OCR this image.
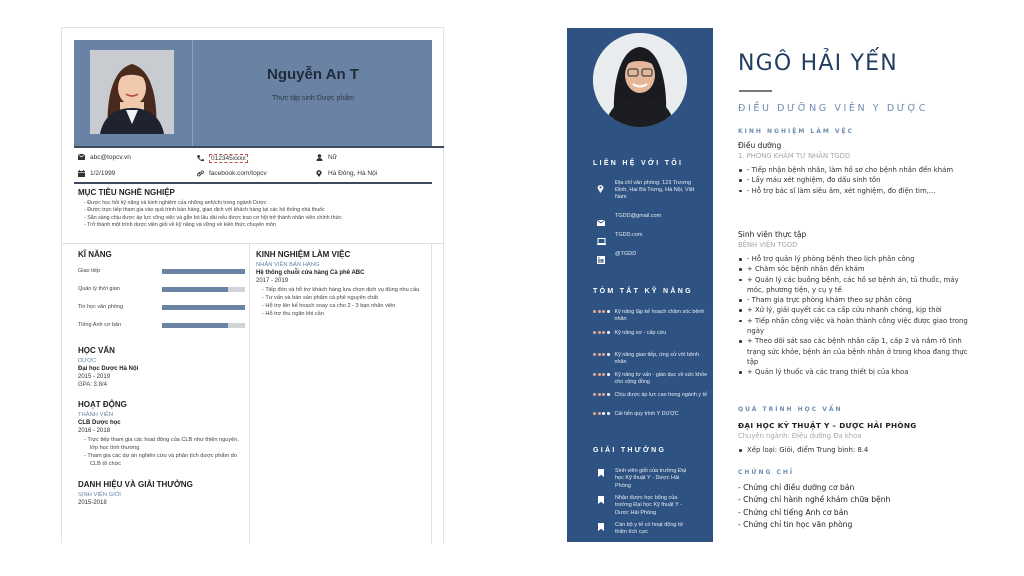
Nguyễn An T
Thực tập sinh Dược phẩm
abc@topcv.vn	012345xxxx	Nữ
1/2/1999	facebook.com/topcv	Hà Đông, Hà Nội
MỤC TIÊU NGHỀ NGHIỆP
- Được học hỏi kỹ năng và kinh nghiệm của những anh/chị trong ngành Dược
- Được trực tiếp tham gia vào quá trình bán hàng, giao dịch với khách hàng tại các hệ thống nhà thuốc
- Sẵn sàng chịu được áp lực công việc và gắn bó lâu dài nếu được trao cơ hội trở thành nhân viên chính thức
- Trở thành một trình dược viên giỏi về kỹ năng và vững về kiến thức chuyên môn
KĨ NĂNG
Giao tiếp
Quản lý thời gian
Tin học văn phòng
Tiếng Anh cơ bản
HỌC VẤN
DƯỢC
Đại học Dược Hà Nội
2015 - 2019
GPA: 3.8/4
HOẠT ĐỘNG
THÀNH VIÊN
CLB Dược học
2016 - 2018
- Trực tiếp tham gia các hoạt động của CLB như thiện nguyện, lớp học tình thương
- Tham gia các dự án nghiên cứu và phân tích dược phẩm do CLB tổ chức
DANH HIỆU VÀ GIẢI THƯỞNG
SINH VIÊN GIỎI
2015-2018
KINH NGHIỆM LÀM VIỆC
NHÂN VIÊN BÁN HÀNG
Hệ thống chuỗi cửa hàng Cà phê ABC
2017 - 2019
- Tiếp đón và hỗ trợ khách hàng lựa chọn dịch vụ đúng nhu cầu
- Tư vấn và bán sản phẩm cà phê nguyên chất
- Hỗ trợ lên kế hoạch xoay ca cho 2 - 3 bạn nhân viên
- Hỗ trợ thu ngân khi cần
LIÊN HỆ VỚI TÔI
Địa chỉ văn phòng: 123 Trương Định, Hai Bà Trưng, Hà Nội, Việt Nam
TGDD@gmail.com
TGDD.com
@TGDD
TÓM TẮT KỸ NĂNG
Kỹ năng lập kế hoạch chăm sóc bệnh nhân
Kỹ năng sơ - cấp cứu
Kỹ năng giao tiếp, ứng xử với bệnh nhân
Kỹ năng tư vấn - giáo dục về sức khỏe cho cộng đồng
Chịu được áp lực cao trong ngành y tế
Cải tiến quy trình Y DƯỢC
GIẢI THƯỞNG
Sinh viên giỏi của trường Đại học Kỹ thuật Y - Dược Hải Phòng
Nhận được học bổng của trường Đại học Kỹ thuật Y - Dược Hải Phòng
Cán bộ y tế có hoạt động từ thiện tích cực
NGÔ HẢI YẾN
ĐIỀU DƯỠNG VIÊN Y DƯỢC
KINH NGHIỆM LÀM VỆC
Điều dưỡng
1. PHÒNG KHÁM TƯ NHÂN TGDD
- Tiếp nhận bệnh nhân, làm hồ sơ cho bệnh nhân đến khám
- Lấy máu xét nghiệm, đo dấu sinh tồn
- Hỗ trợ bác sĩ làm siêu âm, xét nghiệm, đo điện tim,...
Sinh viên thực tập
BỆNH VIỆN TGDD
- Hỗ trợ quản lý phòng bệnh theo lịch phân công
+ Chăm sóc bệnh nhân đến khám
+ Quản lý các buồng bệnh, các hồ sơ bệnh án, tủ thuốc, máy móc, phương tiện, y cụ y tế
- Tham gia trực phòng khám theo sự phân công
+ Xử lý, giải quyết các ca cấp cứu nhanh chóng, kịp thời
+ Tiếp nhận công việc và hoàn thành công việc được giao trong ngày
+ Theo dõi sát sao các bệnh nhân cấp 1, cấp 2 và nắm rõ tình trạng sức khỏe, bệnh án của bệnh nhân ở trong khoa đang thực tập
+ Quản lý thuốc và các trang thiết bị của khoa
QUÁ TRÌNH HỌC VẤN
ĐẠI HỌC KỸ THUẬT Y – DƯỢC HẢI PHÒNG
Chuyên ngành: Điều dưỡng Đa khoa
Xếp loại: Giỏi, điểm Trung bình: 8.4
CHỨNG CHỈ
- Chứng chỉ điều dưỡng cơ bản
- Chứng chỉ hành nghề khám chữa bệnh
- Chứng chỉ tiếng Anh cơ bản
- Chứng chỉ tin học văn phòng
